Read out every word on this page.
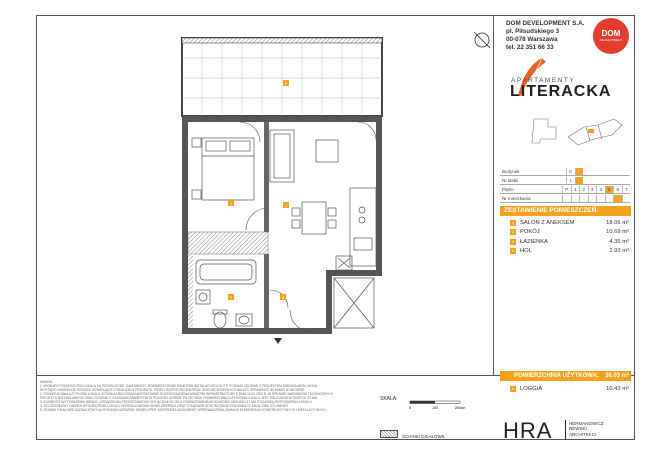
5
2	1
3	4
DOM DEVELOPMENT S.A.
pl. Piłsudskiego 3
00-078 Warszawa
tel. 22 351 66 33
DOM
DEVELOPMENT
APARTAMENTY
LITERACKA
Budynek	C
Nr klatki	1
Piętro	P	1	2	3	4	5	6	7
Nr mieszkania
ZESTAWIENIE POMIESZCZEŃ:
1	SALON Z ANEKSEM	18.06 m²
2	POKÓJ	10.69 m²
3	ŁAZIENKA	4.35 m²
4	HOL	2.93 m²
POWIERZCHNIA UŻYTKOWA:	36.03 m²
5	LOGGIA	10.43 m²

UWAGA:

1. WYMIARY POMIESZCZEŃ LOKALU SĄ PRZYBLIŻONE. SANITARIATY, ROZMIESZCZENIE PUNKTÓW INSTALACYJNYCH ITP. PODANO ZGODNIE Z PROJEKTEM BUDOWLANYM, MOGĄ

WYSTĄPIĆ NIEWIELKIE RÓŻNICE WYNIKAJĄCE Z REALIZACJI PROJEKTU. PRZED ROZPOCZĘCIEM PRAC WYKOŃCZENIOWYCH NALEŻY SPRAWDZIĆ WYMIARY W NATURZE

2. POWIERZCHNIA UŻYTKOWA LOKALU ZOSTAŁA OBLICZONA NA PODSTAWIE ROZPORZĄDZENIA MINISTRA INFRASTRUKTURY Z DNIA 12.04.2002 R. W SPRAWIE WARUNKÓW TECHNICZNYCH

PROJEKTU BUDOWLANEGO ORAZ ZGODNIE Z ZASADAMI ZAWARTYMI W POLSKIEJ NORMIE PN-ISO 9836. POWIERZCHNIA UŻYTKOWA LOKALU JEST OBLICZANA W ŚWIETLE ŚCIAN

3. ELEMENTY WYPOSAŻENIA (MEBLE, URZĄDZENIA) PRZEDSTAWIONO WYŁĄCZNIE W CELU ZOBRAZOWANIA MOŻLIWOŚCI ARANŻACJI I NIE STANOWIĄ WYPOSAŻENIA LOKALU

4. SZCZEGÓŁOWY ZAKRES WYKOŃCZENIA LOKALU OKREŚLA UMOWA DEWELOPERSKA ORAZ STANDARD WYKOŃCZENIA STANOWIĄCY ZAŁĄCZNIK DO UMOWY

5. ŚCIANKI DZIAŁOWE ZAZNACZONO NA RYSUNKU SZRAFEM. DEWELOPER ZASTRZEGA MOŻLIWOŚĆ WPROWADZENIA ZMIAN W ELEMENTACH KONSTRUKCYJNYCH I INSTALACYJNYCH

SKALA:
0	100	200cm
ŚCIANKI DZIAŁOWE	HRA	HERMANOWICZ
RÉWSKI
ARCHITEKCI
